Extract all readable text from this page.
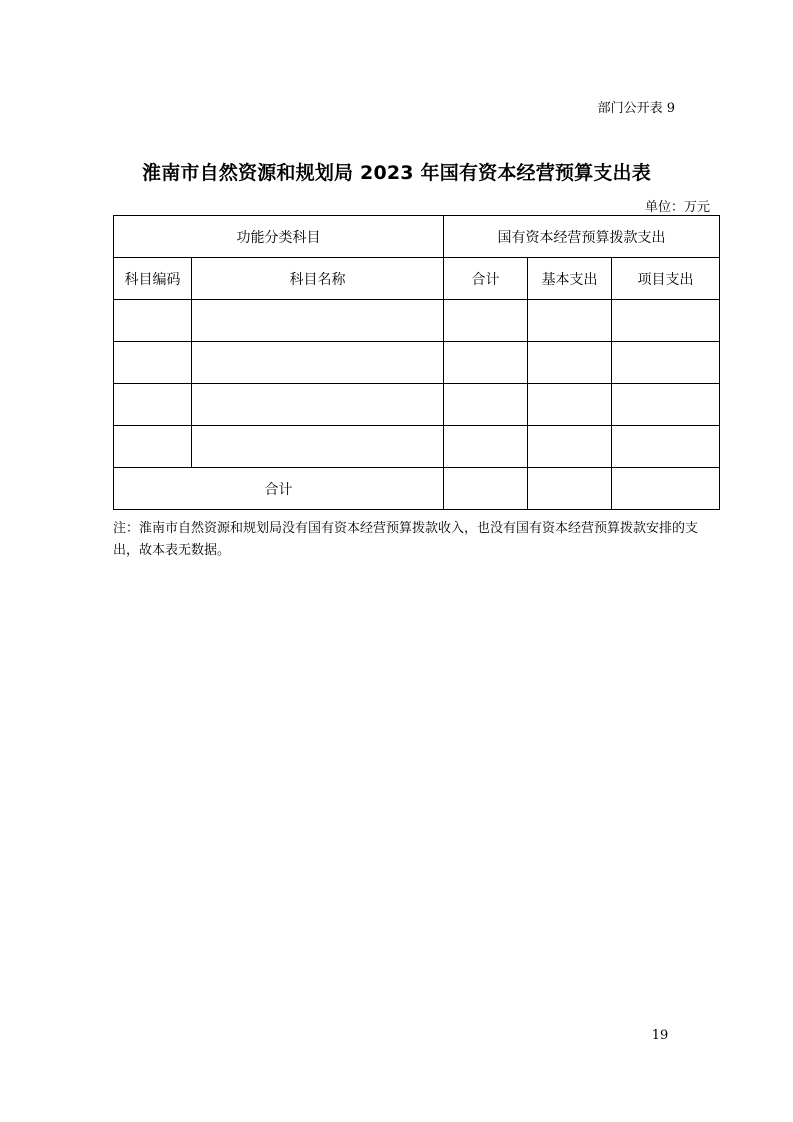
部门公开表 9
淮南市自然资源和规划局 2023 年国有资本经营预算支出表
单位：万元
功能分类科目		国有资本经营预算拨款支出		
科目编码	科目名称	合计	基本支出	项目支出

合计				
注：淮南市自然资源和规划局没有国有资本经营预算拨款收入，也没有国有资本经营预算拨款安排的支出，故本表无数据。
19
